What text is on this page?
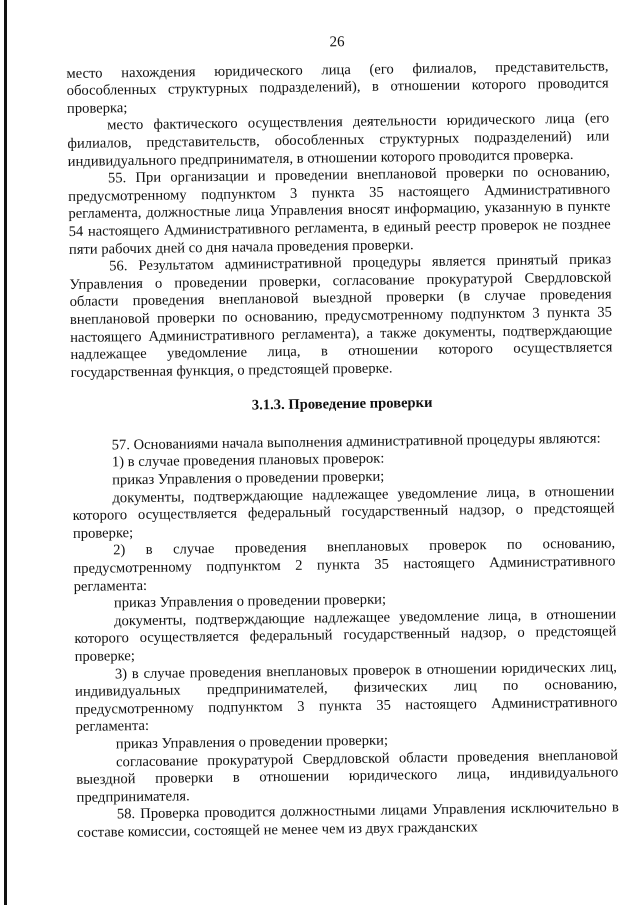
26

место нахождения юридического лица (его филиалов, представительств, обособленных структурных подразделений), в отношении которого проводится проверка;

место фактического осуществления деятельности юридического лица (его филиалов, представительств, обособленных структурных подразделений) или индивидуального предпринимателя, в отношении которого проводится проверка.

55. При организации и проведении внеплановой проверки по основанию, предусмотренному подпунктом 3 пункта 35 настоящего Административного регламента, должностные лица Управления вносят информацию, указанную в пункте 54 настоящего Административного регламента, в единый реестр проверок не позднее пяти рабочих дней со дня начала проведения проверки.

56. Результатом административной процедуры является принятый приказ Управления о проведении проверки, согласование прокуратурой Свердловской области проведения внеплановой выездной проверки (в случае проведения внеплановой проверки по основанию, предусмотренному подпунктом 3 пункта 35 настоящего Административного регламента), а также документы, подтверждающие надлежащее уведомление лица, в отношении которого осуществляется государственная функция, о предстоящей проверке.

3.1.3. Проведение проверки

57. Основаниями начала выполнения административной процедуры являются:

1) в случае проведения плановых проверок:

приказ Управления о проведении проверки;

документы, подтверждающие надлежащее уведомление лица, в отношении которого осуществляется федеральный государственный надзор, о предстоящей проверке;

2) в случае проведения внеплановых проверок по основанию, предусмотренному подпунктом 2 пункта 35 настоящего Административного регламента:

приказ Управления о проведении проверки;

документы, подтверждающие надлежащее уведомление лица, в отношении которого осуществляется федеральный государственный надзор, о предстоящей проверке;

3) в случае проведения внеплановых проверок в отношении юридических лиц, индивидуальных предпринимателей, физических лиц по основанию, предусмотренному подпунктом 3 пункта 35 настоящего Административного регламента:

приказ Управления о проведении проверки;

согласование прокуратурой Свердловской области проведения внеплановой выездной проверки в отношении юридического лица, индивидуального предпринимателя.

58. Проверка проводится должностными лицами Управления исключительно в составе комиссии, состоящей не менее чем из двух гражданских
